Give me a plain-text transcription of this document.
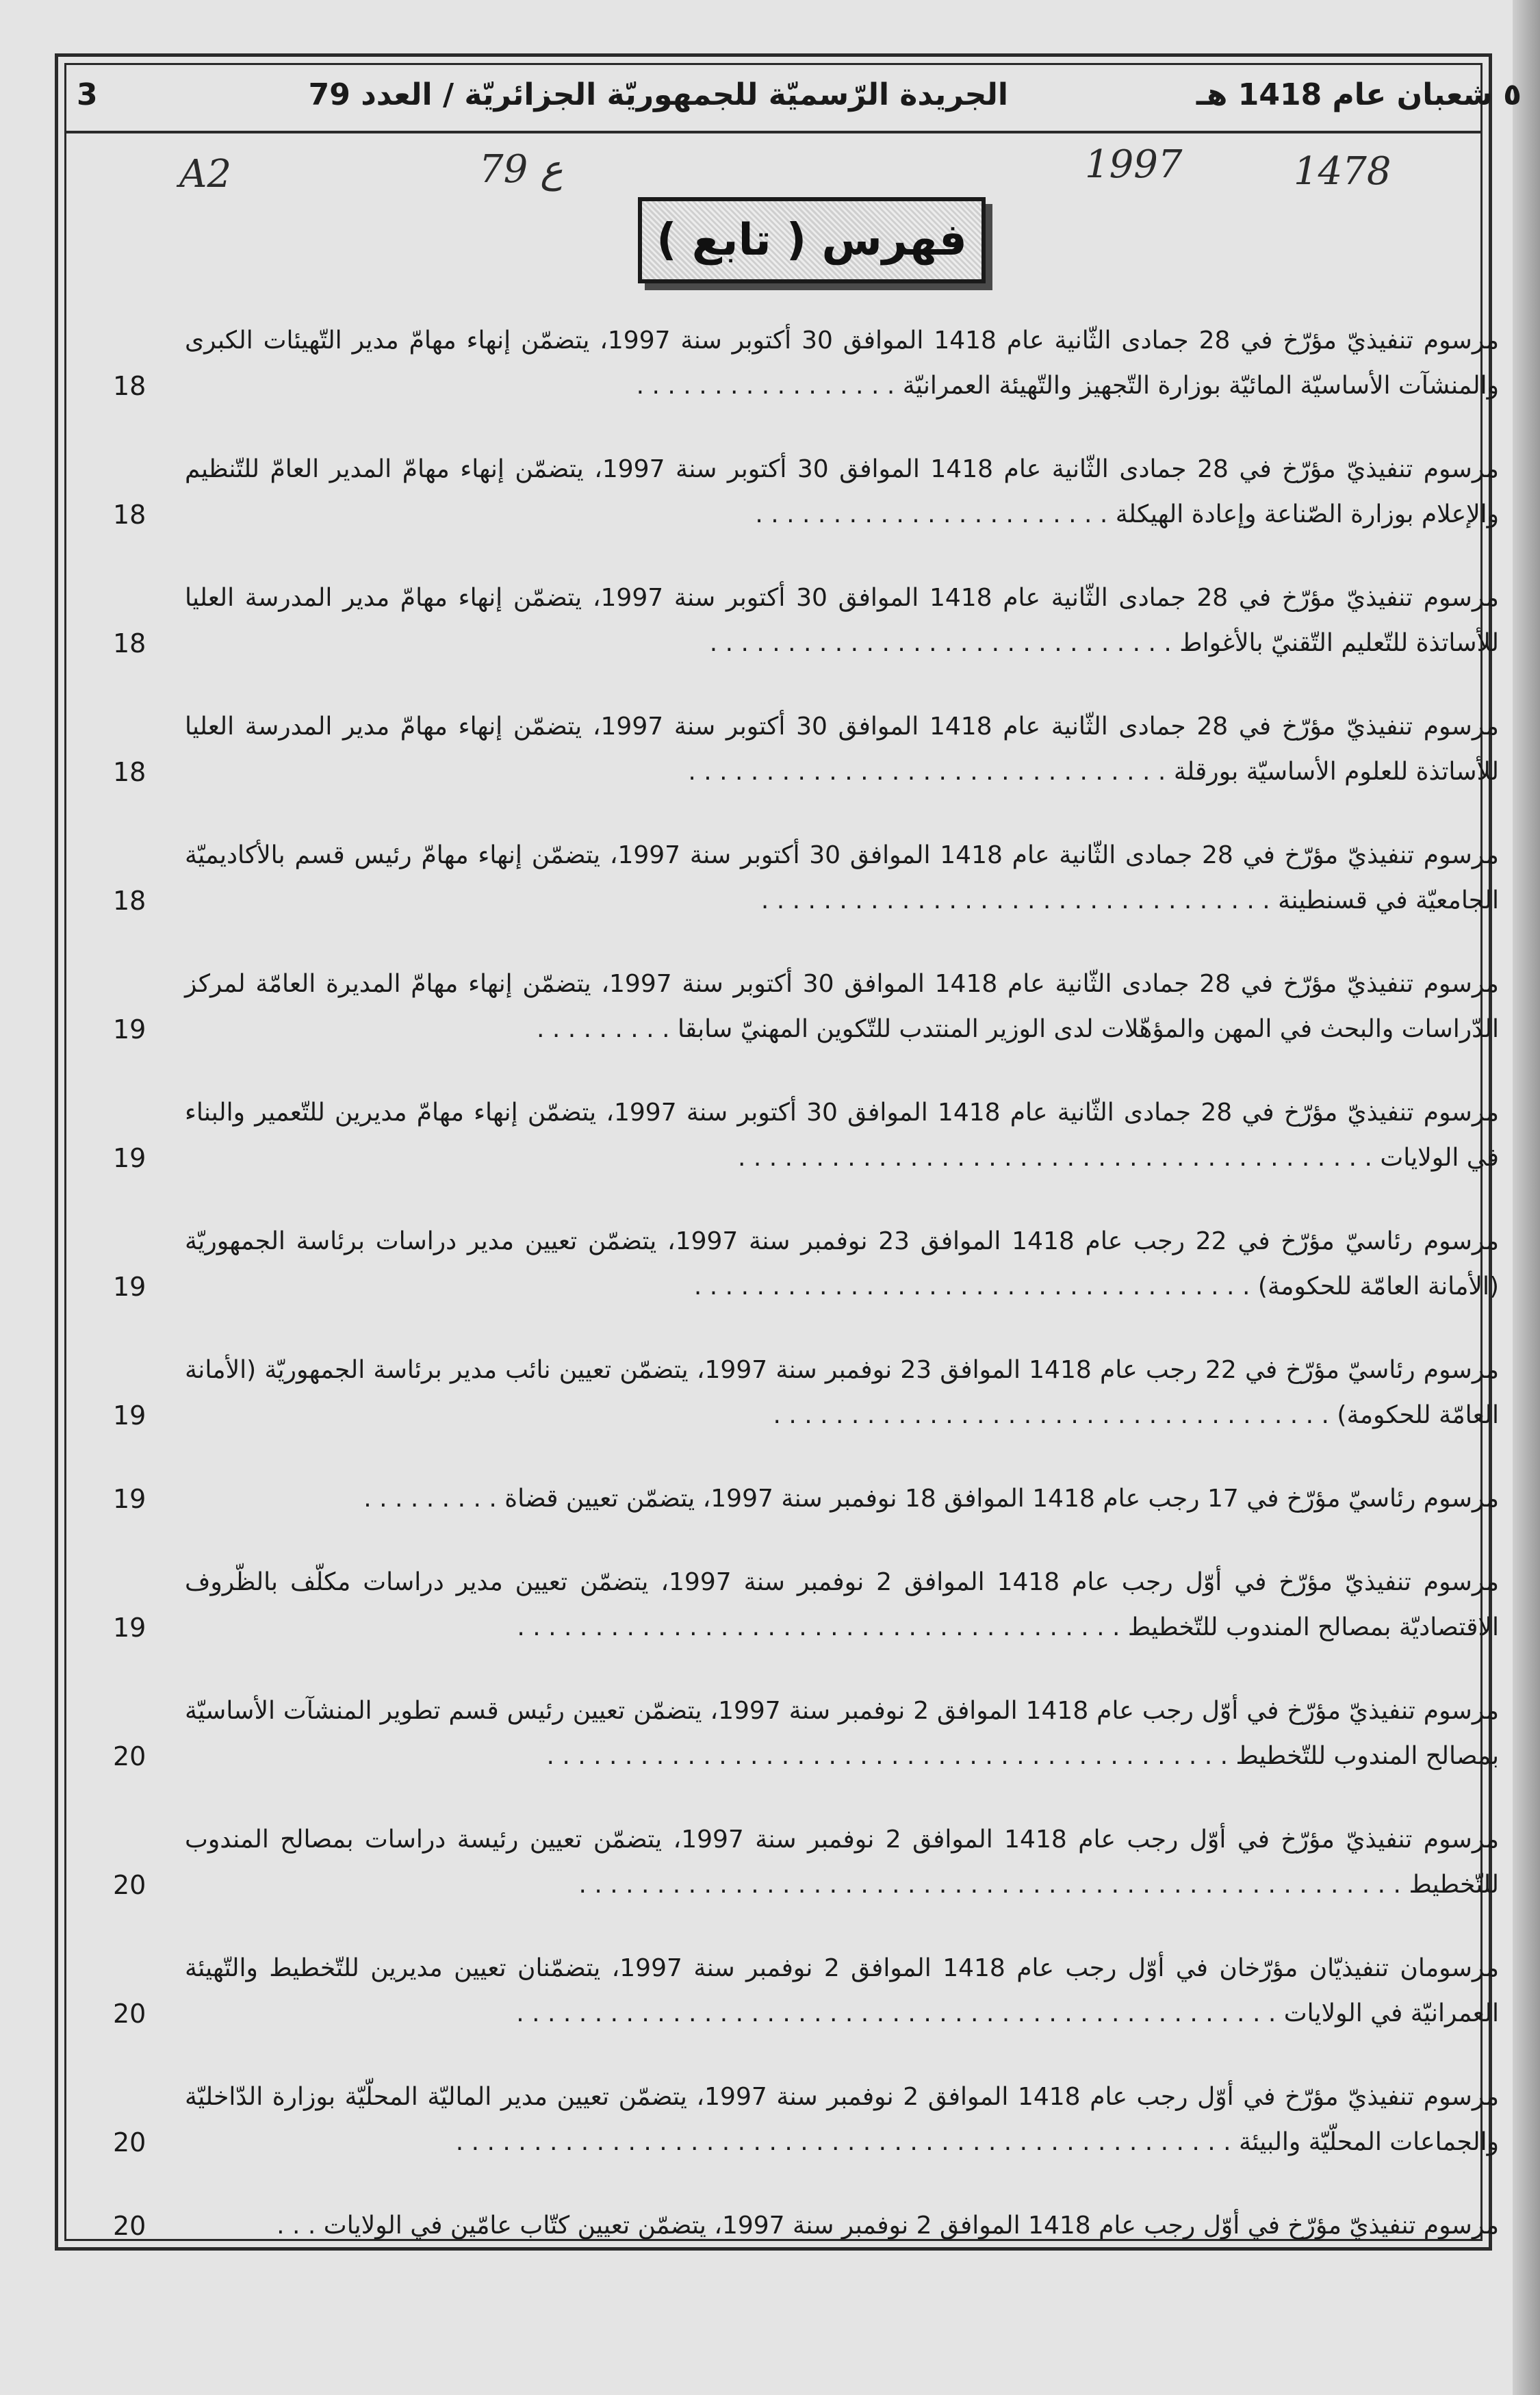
٥ شعبان عام 1418 هـ
الجريدة الرّسميّة للجمهوريّة الجزائريّة / العدد 79
3
A2	79 ع	1997	1478
فهرس ( تابع )
مرسوم تنفيذيّ مؤرّخ في 28 جمادى الثّانية عام 1418 الموافق 30 أكتوبر سنة 1997، يتضمّن إنهاء مهامّ مدير التّهيئات الكبرى والمنشآت الأساسيّة المائيّة بوزارة التّجهيز والتّهيئة العمرانيّة . . . . . . . . . . . . . . . . .
18
مرسوم تنفيذيّ مؤرّخ في 28 جمادى الثّانية عام 1418 الموافق 30 أكتوبر سنة 1997، يتضمّن إنهاء مهامّ المدير العامّ للتّنظيم والإعلام بوزارة الصّناعة وإعادة الهيكلة . . . . . . . . . . . . . . . . . . . . . . .
18
مرسوم تنفيذيّ مؤرّخ في 28 جمادى الثّانية عام 1418 الموافق 30 أكتوبر سنة 1997، يتضمّن إنهاء مهامّ مدير المدرسة العليا للأساتذة للتّعليم التّقنيّ بالأغواط . . . . . . . . . . . . . . . . . . . . . . . . . . . . . .
18
مرسوم تنفيذيّ مؤرّخ في 28 جمادى الثّانية عام 1418 الموافق 30 أكتوبر سنة 1997، يتضمّن إنهاء مهامّ مدير المدرسة العليا للأساتذة للعلوم الأساسيّة بورقلة . . . . . . . . . . . . . . . . . . . . . . . . . . . . . . .
18
مرسوم تنفيذيّ مؤرّخ في 28 جمادى الثّانية عام 1418 الموافق 30 أكتوبر سنة 1997، يتضمّن إنهاء مهامّ رئيس قسم بالأكاديميّة الجامعيّة في قسنطينة . . . . . . . . . . . . . . . . . . . . . . . . . . . . . . . . .
18
مرسوم تنفيذيّ مؤرّخ في 28 جمادى الثّانية عام 1418 الموافق 30 أكتوبر سنة 1997، يتضمّن إنهاء مهامّ المديرة العامّة لمركز الدّراسات والبحث في المهن والمؤهّلات لدى الوزير المنتدب للتّكوين المهنيّ سابقا . . . . . . . . .
19
مرسوم تنفيذيّ مؤرّخ في 28 جمادى الثّانية عام 1418 الموافق 30 أكتوبر سنة 1997، يتضمّن إنهاء مهامّ مديرين للتّعمير والبناء في الولايات . . . . . . . . . . . . . . . . . . . . . . . . . . . . . . . . . . . . . . . . .
19
مرسوم رئاسيّ مؤرّخ في 22 رجب عام 1418 الموافق 23 نوفمبر سنة 1997، يتضمّن تعيين مدير دراسات برئاسة الجمهوريّة (الأمانة العامّة للحكومة) . . . . . . . . . . . . . . . . . . . . . . . . . . . . . . . . . . . .
19
مرسوم رئاسيّ مؤرّخ في 22 رجب عام 1418 الموافق 23 نوفمبر سنة 1997، يتضمّن تعيين نائب مدير برئاسة الجمهوريّة (الأمانة العامّة للحكومة) . . . . . . . . . . . . . . . . . . . . . . . . . . . . . . . . . . . .
19
مرسوم رئاسيّ مؤرّخ في 17 رجب عام 1418 الموافق 18 نوفمبر سنة 1997، يتضمّن تعيين قضاة . . . . . . . . .
19
مرسوم تنفيذيّ مؤرّخ في أوّل رجب عام 1418 الموافق 2 نوفمبر سنة 1997، يتضمّن تعيين مدير دراسات مكلّف بالظّروف الاقتصاديّة بمصالح المندوب للتّخطيط . . . . . . . . . . . . . . . . . . . . . . . . . . . . . . . . . . . . . . .
19
مرسوم تنفيذيّ مؤرّخ في أوّل رجب عام 1418 الموافق 2 نوفمبر سنة 1997، يتضمّن تعيين رئيس قسم تطوير المنشآت الأساسيّة بمصالح المندوب للتّخطيط . . . . . . . . . . . . . . . . . . . . . . . . . . . . . . . . . . . . . . . . . . . .
20
مرسوم تنفيذيّ مؤرّخ في أوّل رجب عام 1418 الموافق 2 نوفمبر سنة 1997، يتضمّن تعيين رئيسة دراسات بمصالح المندوب للتّخطيط . . . . . . . . . . . . . . . . . . . . . . . . . . . . . . . . . . . . . . . . . . . . . . . . . . . . .
20
مرسومان تنفيذيّان مؤرّخان في أوّل رجب عام 1418 الموافق 2 نوفمبر سنة 1997، يتضمّنان تعيين مديرين للتّخطيط والتّهيئة العمرانيّة في الولايات . . . . . . . . . . . . . . . . . . . . . . . . . . . . . . . . . . . . . . . . . . . . . . . . .
20
مرسوم تنفيذيّ مؤرّخ في أوّل رجب عام 1418 الموافق 2 نوفمبر سنة 1997، يتضمّن تعيين مدير الماليّة المحلّيّة بوزارة الدّاخليّة والجماعات المحلّيّة والبيئة . . . . . . . . . . . . . . . . . . . . . . . . . . . . . . . . . . . . . . . . . . . . . . . . . .
20
مرسوم تنفيذيّ مؤرّخ في أوّل رجب عام 1418 الموافق 2 نوفمبر سنة 1997، يتضمّن تعيين كتّاب عامّين في الولايات . . .
20
